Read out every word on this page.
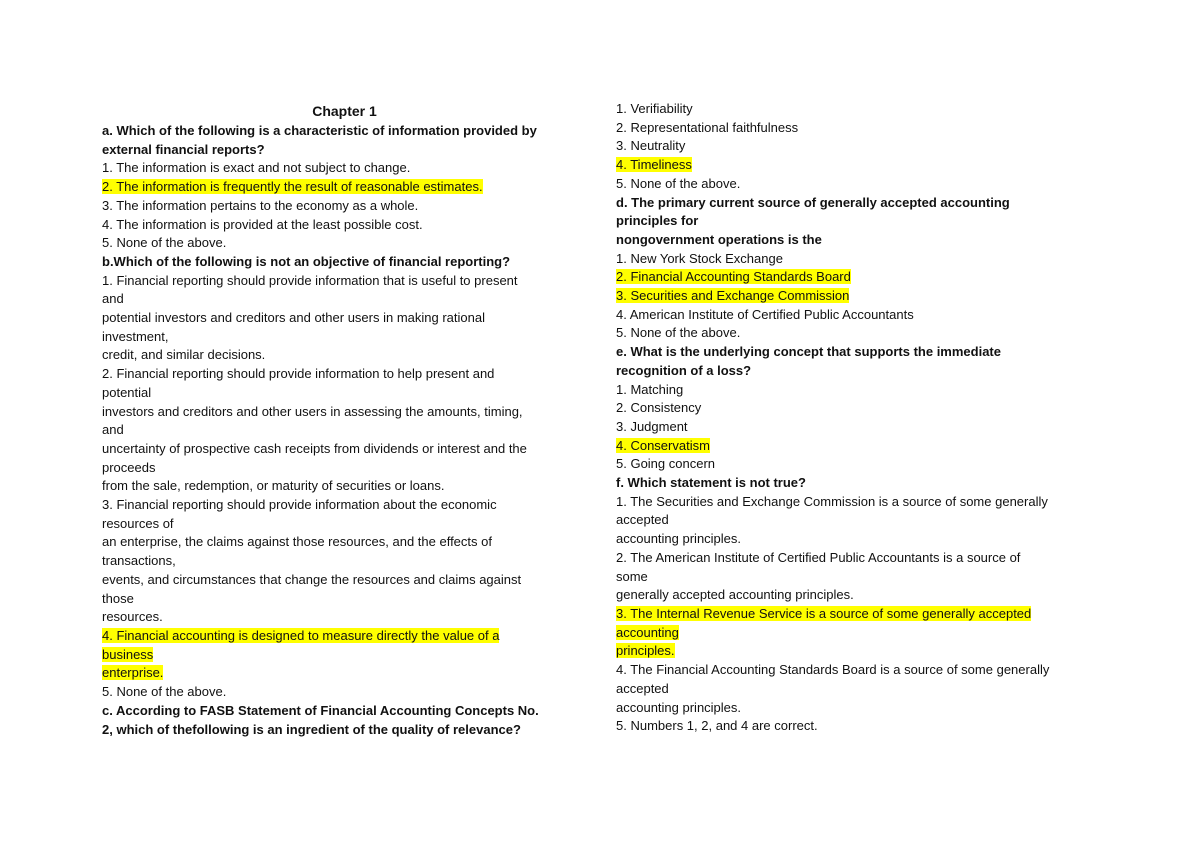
Chapter 1

a. Which of the following is a characteristic of information provided by
external financial reports?
1. The information is exact and not subject to change.
2. The information is frequently the result of reasonable estimates.
3. The information pertains to the economy as a whole.
4. The information is provided at the least possible cost.
5. None of the above.
b.Which of the following is not an objective of financial reporting?
1. Financial reporting should provide information that is useful to present
and
potential investors and creditors and other users in making rational
investment,
credit, and similar decisions.
2. Financial reporting should provide information to help present and
potential
investors and creditors and other users in assessing the amounts, timing,
and
uncertainty of prospective cash receipts from dividends or interest and the
proceeds
from the sale, redemption, or maturity of securities or loans.
3. Financial reporting should provide information about the economic
resources of
an enterprise, the claims against those resources, and the effects of
transactions,
events, and circumstances that change the resources and claims against
those
resources.
4. Financial accounting is designed to measure directly the value of a
business
enterprise.
5. None of the above.
c. According to FASB Statement of Financial Accounting Concepts No.
2, which of thefollowing is an ingredient of the quality of relevance?
1. Verifiability
2. Representational faithfulness
3. Neutrality
4. Timeliness
5. None of the above.
d. The primary current source of generally accepted accounting
principles for
nongovernment operations is the
1. New York Stock Exchange
2. Financial Accounting Standards Board
3. Securities and Exchange Commission
4. American Institute of Certified Public Accountants
5. None of the above.
e. What is the underlying concept that supports the immediate
recognition of a loss?
1. Matching
2. Consistency
3. Judgment
4. Conservatism
5. Going concern
f. Which statement is not true?
1. The Securities and Exchange Commission is a source of some generally
accepted
accounting principles.
2. The American Institute of Certified Public Accountants is a source of
some
generally accepted accounting principles.
3. The Internal Revenue Service is a source of some generally accepted
accounting
principles.
4. The Financial Accounting Standards Board is a source of some generally
accepted
accounting principles.
5. Numbers 1, 2, and 4 are correct.
